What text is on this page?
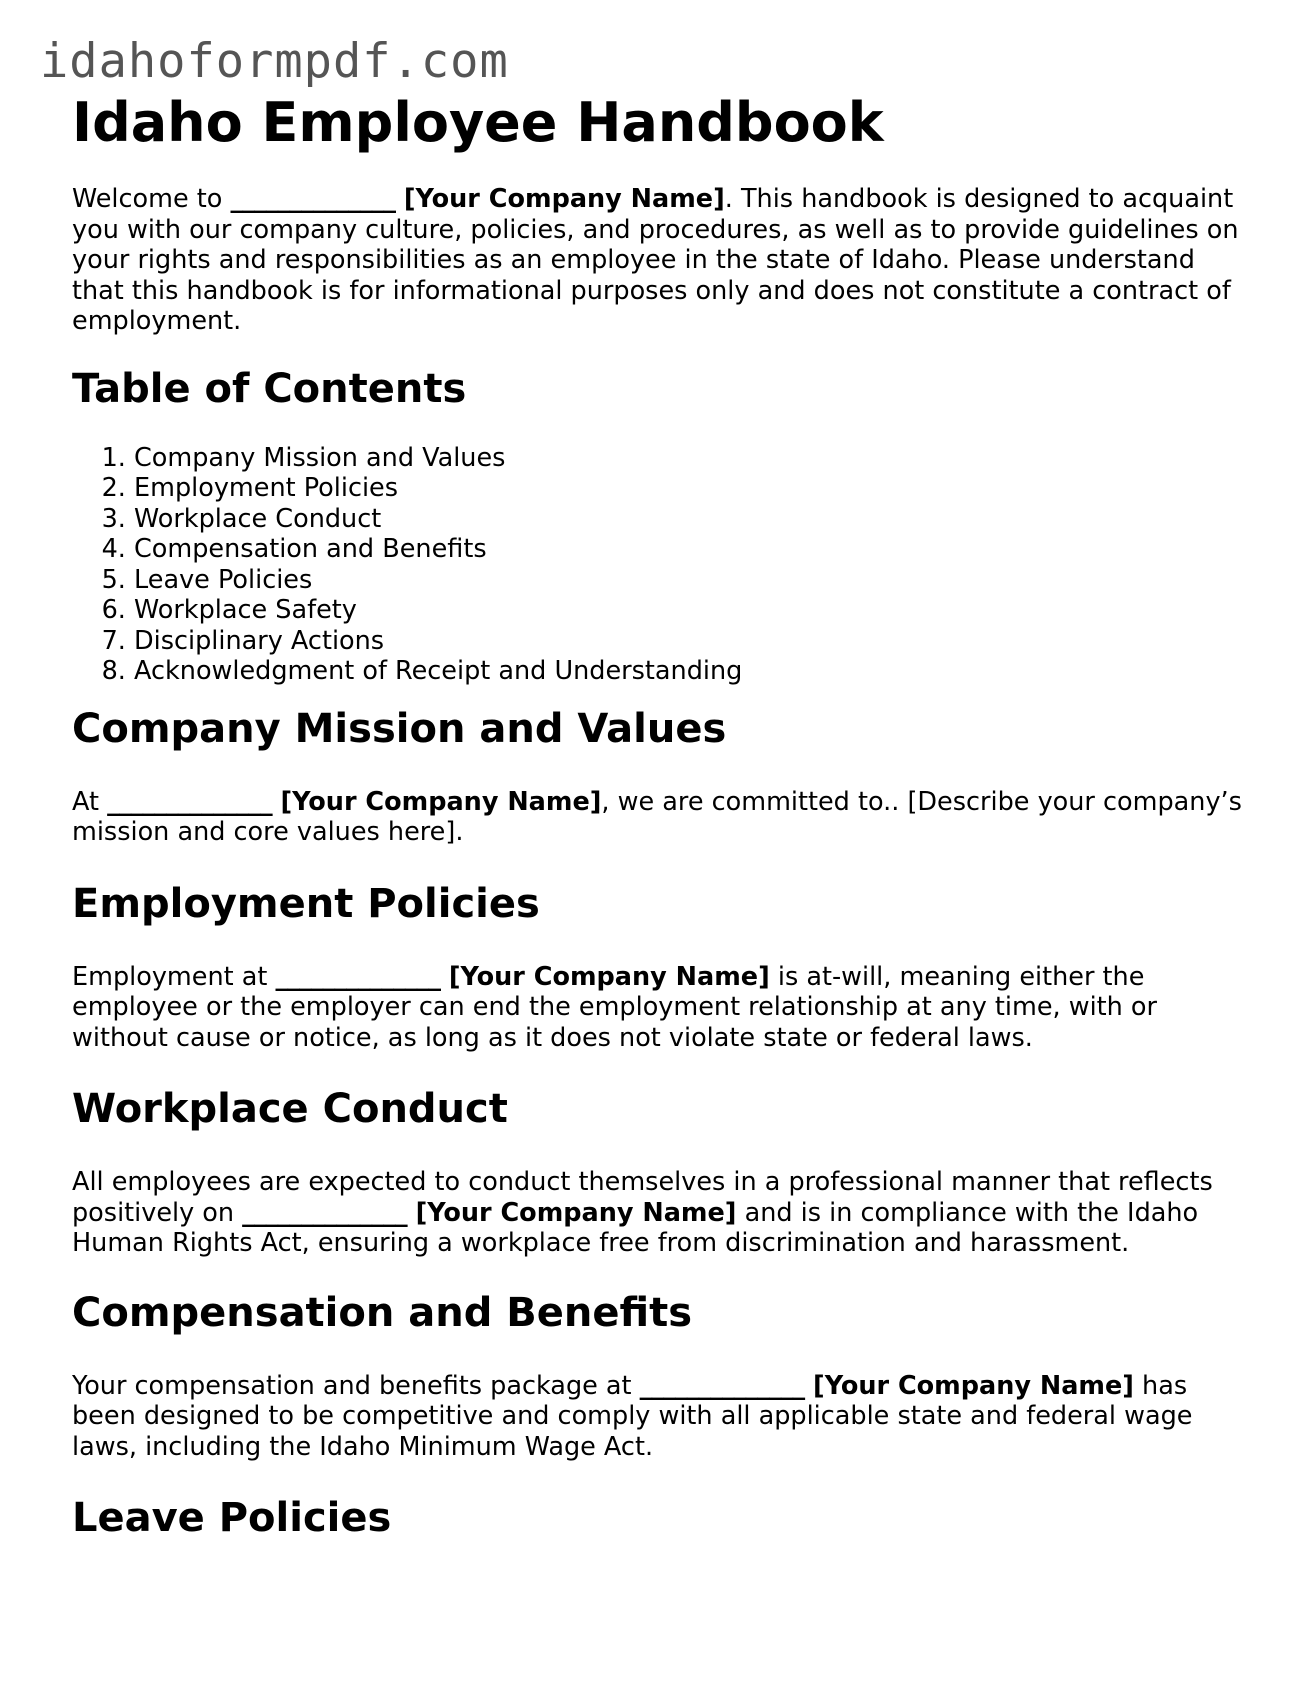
idahoformpdf.com
Idaho Employee Handbook

Welcome to ______________ [Your Company Name]. This handbook is designed to acquaint you with our company culture, policies, and procedures, as well as to provide guidelines on your rights and responsibilities as an employee in the state of Idaho. Please understand that this handbook is for informational purposes only and does not constitute a contract of employment.

Table of Contents
1. Company Mission and Values
2. Employment Policies
3. Workplace Conduct
4. Compensation and Benefits
5. Leave Policies
6. Workplace Safety
7. Disciplinary Actions
8. Acknowledgment of Receipt and Understanding
Company Mission and Values

At ______________ [Your Company Name], we are committed to.. [Describe your company’s mission and core values here].

Employment Policies

Employment at ______________ [Your Company Name] is at-will, meaning either the employee or the employer can end the employment relationship at any time, with or without cause or notice, as long as it does not violate state or federal laws.

Workplace Conduct

All employees are expected to conduct themselves in a professional manner that reflects positively on ______________ [Your Company Name] and is in compliance with the Idaho Human Rights Act, ensuring a workplace free from discrimination and harassment.

Compensation and Benefits

Your compensation and benefits package at ______________ [Your Company Name] has been designed to be competitive and comply with all applicable state and federal wage laws, including the Idaho Minimum Wage Act.

Leave Policies
